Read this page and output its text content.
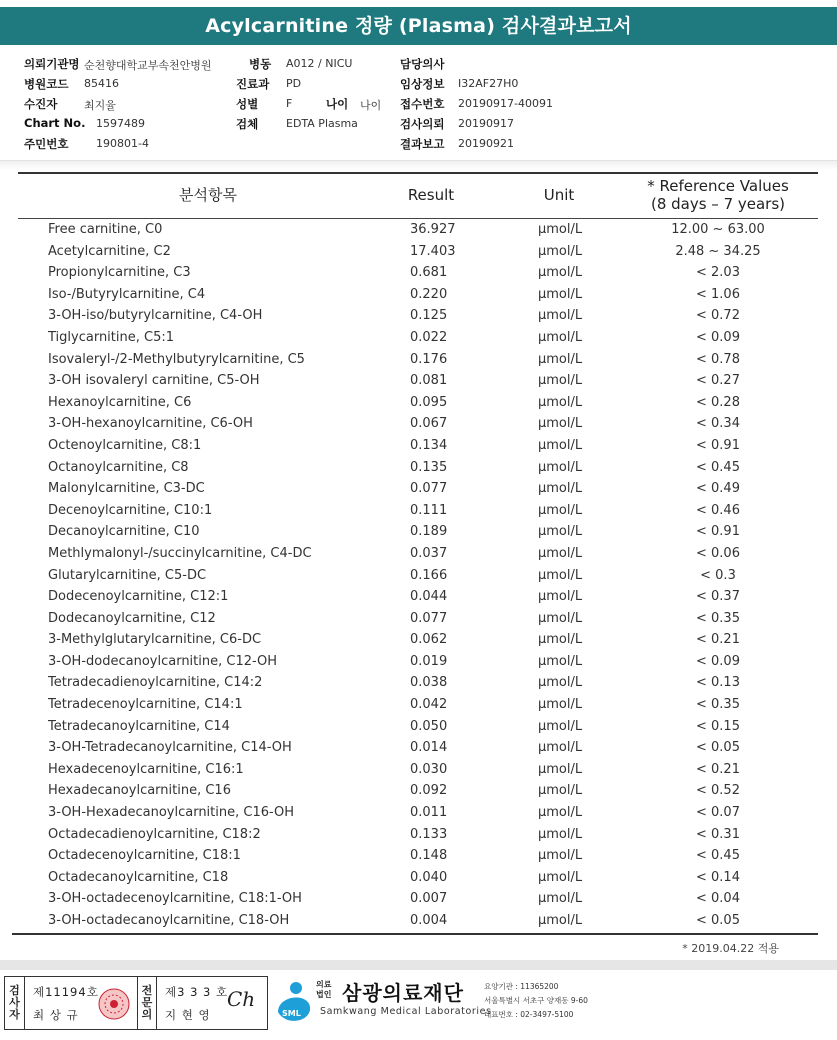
Acylcarnitine 정량 (Plasma) 검사결과보고서
의뢰기관명 순천향대학교부속천안병원
병원코드 85416
수진자 최지율
Chart No. 1597489
주민번호	190801-4
병동 A012 / NICU
진료과 PD
성별	F	나이 나이
검체	EDTA Plasma
담당의사
임상정보 I32AF27H0
접수번호 20190917-40091
검사의뢰 20190917
결과보고 20190921
분석항목	Result	Unit	* Reference Values
(8 days – 7 years)
Free carnitine, C0	36.927	μmol/L	12.00 ~ 63.00
Acetylcarnitine, C2	17.403	μmol/L	2.48 ~ 34.25
Propionylcarnitine, C3	0.681	μmol/L	< 2.03
Iso-/Butyrylcarnitine, C4	0.220	μmol/L	< 1.06
3-OH-iso/butyrylcarnitine, C4-OH	0.125	μmol/L	< 0.72
Tiglycarnitine, C5:1	0.022	μmol/L	< 0.09
Isovaleryl-/2-Methylbutyrylcarnitine, C5	0.176	μmol/L	< 0.78
3-OH isovaleryl carnitine, C5-OH	0.081	μmol/L	< 0.27
Hexanoylcarnitine, C6	0.095	μmol/L	< 0.28
3-OH-hexanoylcarnitine, C6-OH	0.067	μmol/L	< 0.34
Octenoylcarnitine, C8:1	0.134	μmol/L	< 0.91
Octanoylcarnitine, C8	0.135	μmol/L	< 0.45
Malonylcarnitine, C3-DC	0.077	μmol/L	< 0.49
Decenoylcarnitine, C10:1	0.111	μmol/L	< 0.46
Decanoylcarnitine, C10	0.189	μmol/L	< 0.91
Methlymalonyl-/succinylcarnitine, C4-DC	0.037	μmol/L	< 0.06
Glutarylcarnitine, C5-DC	0.166	μmol/L	< 0.3
Dodecenoylcarnitine, C12:1	0.044	μmol/L	< 0.37
Dodecanoylcarnitine, C12	0.077	μmol/L	< 0.35
3-Methylglutarylcarnitine, C6-DC	0.062	μmol/L	< 0.21
3-OH-dodecanoylcarnitine, C12-OH	0.019	μmol/L	< 0.09
Tetradecadienoylcarnitine, C14:2	0.038	μmol/L	< 0.13
Tetradecenoylcarnitine, C14:1	0.042	μmol/L	< 0.35
Tetradecanoylcarnitine, C14	0.050	μmol/L	< 0.15
3-OH-Tetradecanoylcarnitine, C14-OH	0.014	μmol/L	< 0.05
Hexadecenoylcarnitine, C16:1	0.030	μmol/L	< 0.21
Hexadecanoylcarnitine, C16	0.092	μmol/L	< 0.52
3-OH-Hexadecanoylcarnitine, C16-OH	0.011	μmol/L	< 0.07
Octadecadienoylcarnitine, C18:2	0.133	μmol/L	< 0.31
Octadecenoylcarnitine, C18:1	0.148	μmol/L	< 0.45
Octadecanoylcarnitine, C18	0.040	μmol/L	< 0.14
3-OH-octadecenoylcarnitine, C18:1-OH	0.007	μmol/L	< 0.04
3-OH-octadecanoylcarnitine, C18-OH	0.004	μmol/L	< 0.05
* 2019.04.22 적용
검
사
자
제11194호
최 상 규
전
문
의
제3 3 3 호
지 현 영
Ch
SML
의료법인 삼광의료재단
Samkwang Medical Laboratories
요양기관 : 11365200
서울특별시 서초구 양재동 9-60
대표번호 : 02-3497-5100
